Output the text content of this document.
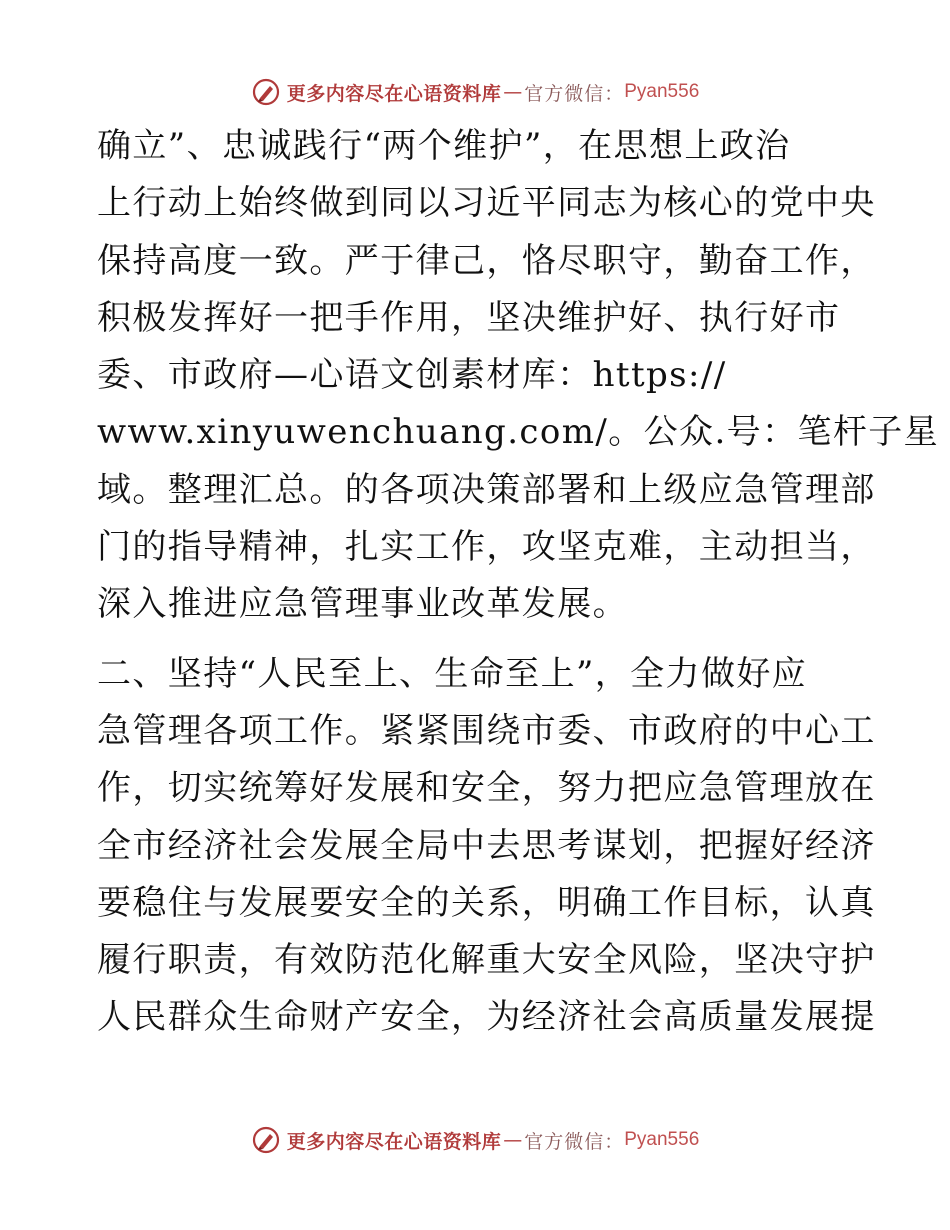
更多内容尽在心语资料库 — 官方微信： Pyan556
确立”、忠诚践行“两个维护”，在思想上政治
上行动上始终做到同以习近平同志为核心的党中央
保持高度一致。严于律己，恪尽职守，勤奋工作，
积极发挥好一把手作用，坚决维护好、执行好市
委、市政府—心语文创素材库：https://
www.xinyuwenchuang.com/。公众.号：笔杆子星
域。整理汇总。的各项决策部署和上级应急管理部
门的指导精神，扎实工作，攻坚克难，主动担当，
深入推进应急管理事业改革发展。
二、坚持“人民至上、生命至上”，全力做好应
急管理各项工作。紧紧围绕市委、市政府的中心工
作，切实统筹好发展和安全，努力把应急管理放在
全市经济社会发展全局中去思考谋划，把握好经济
要稳住与发展要安全的关系，明确工作目标，认真
履行职责，有效防范化解重大安全风险，坚决守护
人民群众生命财产安全，为经济社会高质量发展提
更多内容尽在心语资料库 — 官方微信： Pyan556
